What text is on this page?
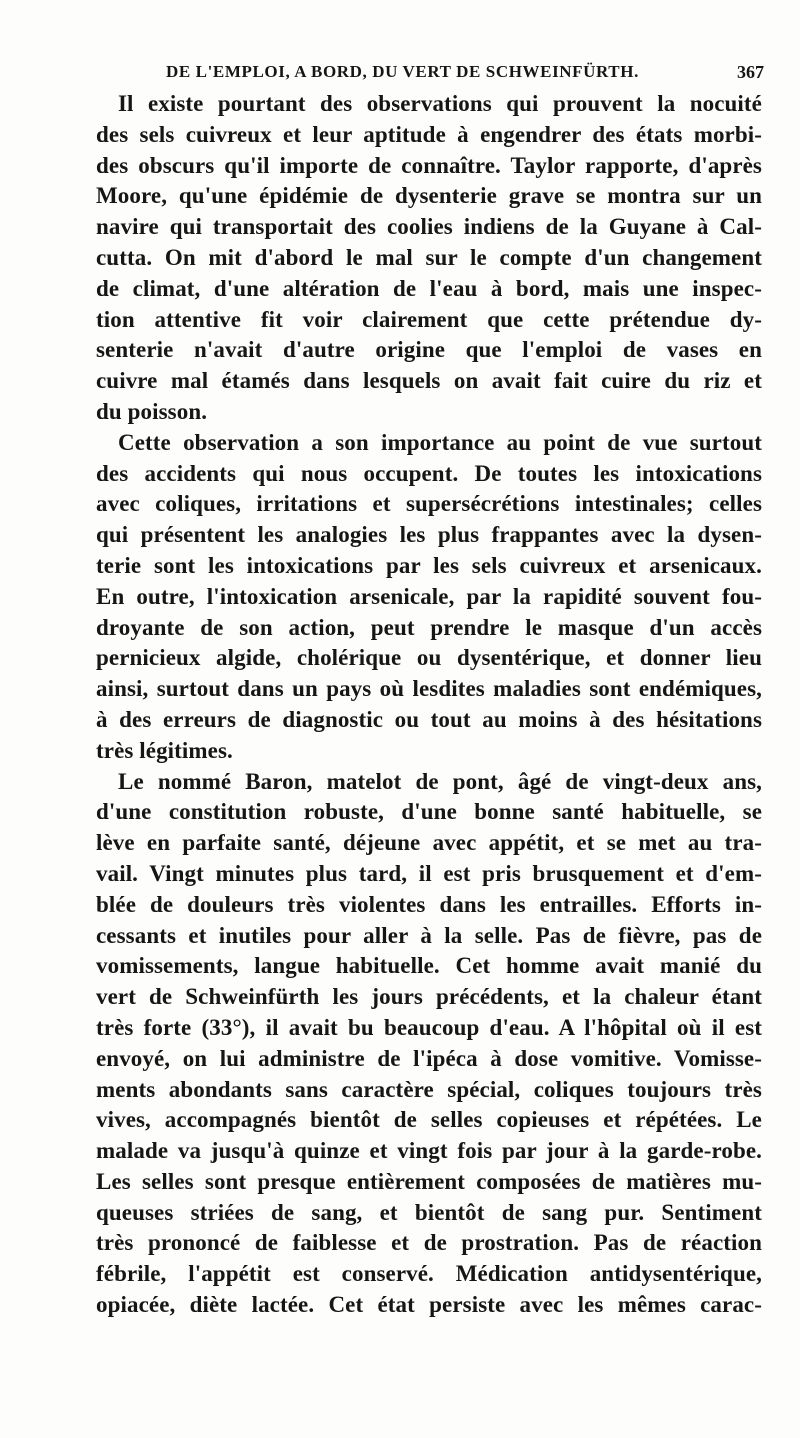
DE L'EMPLOI, A BORD, DU VERT DE SCHWEINFÜRTH.	367
Il existe pourtant des observations qui prouvent la nocuité
des sels cuivreux et leur aptitude à engendrer des états morbi-
des obscurs qu'il importe de connaître. Taylor rapporte, d'après
Moore, qu'une épidémie de dysenterie grave se montra sur un
navire qui transportait des coolies indiens de la Guyane à Cal-
cutta. On mit d'abord le mal sur le compte d'un changement
de climat, d'une altération de l'eau à bord, mais une inspec-
tion attentive fit voir clairement que cette prétendue dy-
senterie n'avait d'autre origine que l'emploi de vases en
cuivre mal étamés dans lesquels on avait fait cuire du riz et
du poisson.
Cette observation a son importance au point de vue surtout
des accidents qui nous occupent. De toutes les intoxications
avec coliques, irritations et supersécrétions intestinales; celles
qui présentent les analogies les plus frappantes avec la dysen-
terie sont les intoxications par les sels cuivreux et arsenicaux.
En outre, l'intoxication arsenicale, par la rapidité souvent fou-
droyante de son action, peut prendre le masque d'un accès
pernicieux algide, cholérique ou dysentérique, et donner lieu
ainsi, surtout dans un pays où lesdites maladies sont endémiques,
à des erreurs de diagnostic ou tout au moins à des hésitations
très légitimes.
Le nommé Baron, matelot de pont, âgé de vingt-deux ans,
d'une constitution robuste, d'une bonne santé habituelle, se
lève en parfaite santé, déjeune avec appétit, et se met au tra-
vail. Vingt minutes plus tard, il est pris brusquement et d'em-
blée de douleurs très violentes dans les entrailles. Efforts in-
cessants et inutiles pour aller à la selle. Pas de fièvre, pas de
vomissements, langue habituelle. Cet homme avait manié du
vert de Schweinfürth les jours précédents, et la chaleur étant
très forte (33°), il avait bu beaucoup d'eau. A l'hôpital où il est
envoyé, on lui administre de l'ipéca à dose vomitive. Vomisse-
ments abondants sans caractère spécial, coliques toujours très
vives, accompagnés bientôt de selles copieuses et répétées. Le
malade va jusqu'à quinze et vingt fois par jour à la garde-robe.
Les selles sont presque entièrement composées de matières mu-
queuses striées de sang, et bientôt de sang pur. Sentiment
très prononcé de faiblesse et de prostration. Pas de réaction
fébrile, l'appétit est conservé. Médication antidysentérique,
opiacée, diète lactée. Cet état persiste avec les mêmes carac-
